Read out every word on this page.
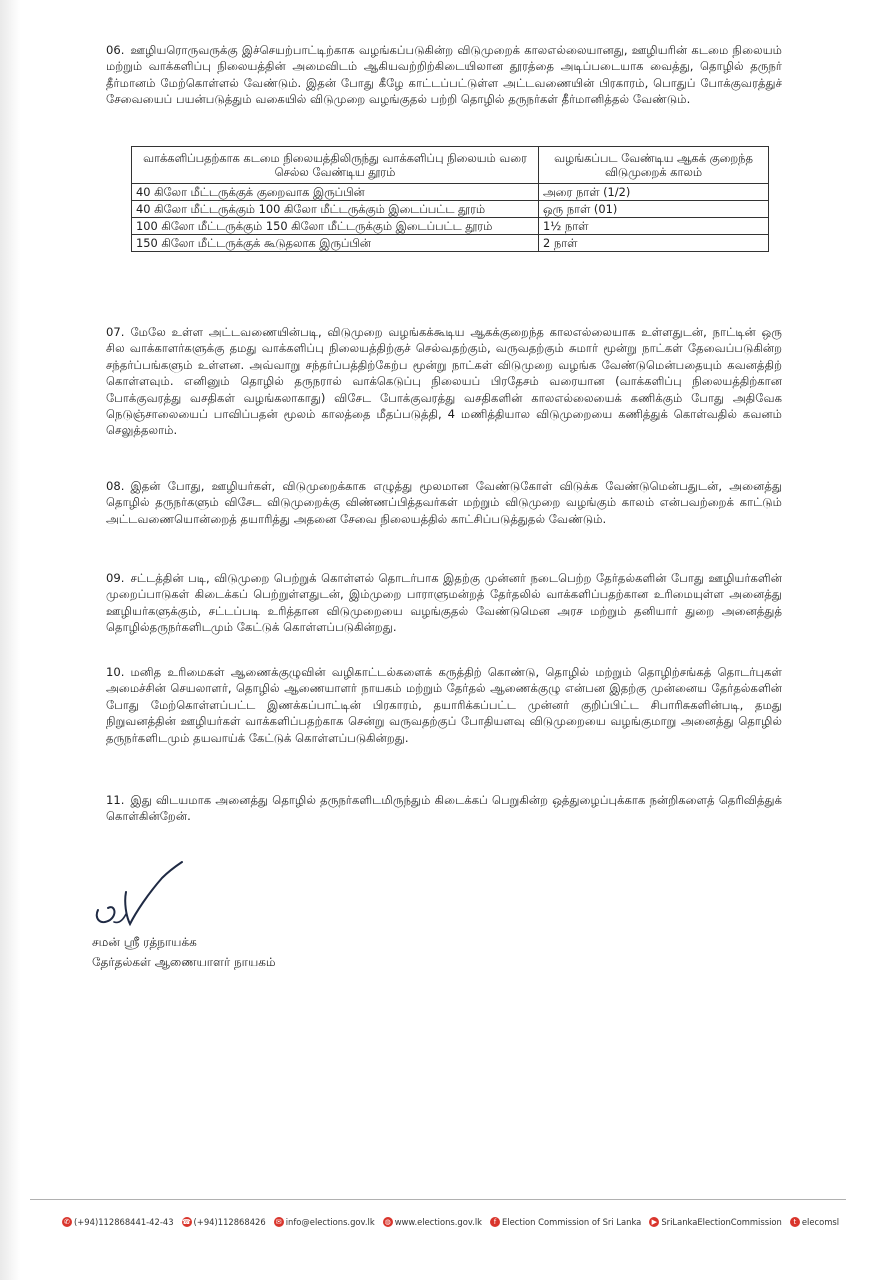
06. ஊழியரொருவருக்கு இச்செயற்பாட்டிற்காக வழங்கப்படுகின்ற விடுமுறைக் காலஎல்லையானது, ஊழியரின் கடமை நிலையம் மற்றும் வாக்களிப்பு நிலையத்தின் அமைவிடம் ஆகியவற்றிற்கிடையிலான தூரத்தை அடிப்படையாக வைத்து, தொழில் தருநர் தீர்மானம் மேற்கொள்ளல் வேண்டும். இதன் போது கீழே காட்டப்பட்டுள்ள அட்டவணையின் பிரகாரம், பொதுப் போக்குவரத்துச் சேவையைப் பயன்படுத்தும் வகையில் விடுமுறை வழங்குதல் பற்றி தொழில் தருநர்கள் தீர்மானித்தல் வேண்டும்.

வாக்களிப்பதற்காக கடமை நிலையத்திலிருந்து வாக்களிப்பு நிலையம் வரை செல்ல வேண்டிய தூரம்	வழங்கப்பட வேண்டிய ஆகக் குறைந்த விடுமுறைக் காலம்
40 கிலோ மீட்டருக்குக் குறைவாக இருப்பின்	அரை நாள் (1/2)
40 கிலோ மீட்டருக்கும் 100 கிலோ மீட்டருக்கும் இடைப்பட்ட தூரம்	ஒரு நாள் (01)
100 கிலோ மீட்டருக்கும் 150 கிலோ மீட்டருக்கும் இடைப்பட்ட தூரம்	1½ நாள்
150 கிலோ மீட்டருக்குக் கூடுதலாக இருப்பின்	2 நாள்

07. மேலே உள்ள அட்டவணையின்படி, விடுமுறை வழங்கக்கூடிய ஆகக்குறைந்த காலஎல்லையாக உள்ளதுடன், நாட்டின் ஒரு சில வாக்காளர்களுக்கு தமது வாக்களிப்பு நிலையத்திற்குச் செல்வதற்கும், வருவதற்கும் சுமார் மூன்று நாட்கள் தேவைப்படுகின்ற சந்தர்ப்பங்களும் உள்ளன. அவ்வாறு சந்தர்ப்பத்திற்கேற்ப மூன்று நாட்கள் விடுமுறை வழங்க வேண்டுமென்பதையும் கவனத்திற் கொள்ளவும். எனினும் தொழில் தருநரால் வாக்கெடுப்பு நிலையப் பிரதேசம் வரையான (வாக்களிப்பு நிலையத்திற்கான போக்குவரத்து வசதிகள் வழங்கலாகாது) விசேட போக்குவரத்து வசதிகளின் காலஎல்லையைக் கணிக்கும் போது அதிவேக நெடுஞ்சாலையைப் பாவிப்பதன் மூலம் காலத்தை மீதப்படுத்தி, 4 மணித்தியால விடுமுறையை கணித்துக் கொள்வதில் கவனம் செலுத்தலாம்.

08. இதன் போது, ஊழியர்கள், விடுமுறைக்காக எழுத்து மூலமான வேண்டுகோள் விடுக்க வேண்டுமென்பதுடன், அனைத்து தொழில் தருநர்களும் விசேட விடுமுறைக்கு விண்ணப்பித்தவர்கள் மற்றும் விடுமுறை வழங்கும் காலம் என்பவற்றைக் காட்டும் அட்டவணையொன்றைத் தயாரித்து அதனை சேவை நிலையத்தில் காட்சிப்படுத்துதல் வேண்டும்.

09. சட்டத்தின் படி, விடுமுறை பெற்றுக் கொள்ளல் தொடர்பாக இதற்கு முன்னர் நடைபெற்ற தேர்தல்களின் போது ஊழியர்களின் முறைப்பாடுகள் கிடைக்கப் பெற்றுள்ளதுடன், இம்முறை பாராளுமன்றத் தேர்தலில் வாக்களிப்பதற்கான உரிமையுள்ள அனைத்து ஊழியர்களுக்கும், சட்டப்படி உரித்தான விடுமுறையை வழங்குதல் வேண்டுமென அரச மற்றும் தனியார் துறை அனைத்துத் தொழில்தருநர்களிடமும் கேட்டுக் கொள்ளப்படுகின்றது.

10. மனித உரிமைகள் ஆணைக்குழுவின் வழிகாட்டல்களைக் கருத்திற் கொண்டு, தொழில் மற்றும் தொழிற்சங்கத் தொடர்புகள் அமைச்சின் செயலாளர், தொழில் ஆணையாளர் நாயகம் மற்றும் தேர்தல் ஆணைக்குழு என்பன இதற்கு முன்னைய தேர்தல்களின் போது மேற்கொள்ளப்பட்ட இணக்கப்பாட்டின் பிரகாரம், தயாரிக்கப்பட்ட முன்னர் குறிப்பிட்ட சிபாரிசுகளின்படி, தமது நிறுவனத்தின் ஊழியர்கள் வாக்களிப்பதற்காக சென்று வருவதற்குப் போதியளவு விடுமுறையை வழங்குமாறு அனைத்து தொழில் தருநர்களிடமும் தயவாய்க் கேட்டுக் கொள்ளப்படுகின்றது.

11. இது விடயமாக அனைத்து தொழில் தருநர்களிடமிருந்தும் கிடைக்கப் பெறுகின்ற ஒத்துழைப்புக்காக நன்றிகளைத் தெரிவித்துக் கொள்கின்றேன்.

சமன் ஸ்ரீ ரத்நாயக்க
தேர்தல்கள் ஆணையாளர் நாயகம்
✆ (+94)112868441-42-43 ☎ (+94)112868426 ✉ info@elections.gov.lk ◍ www.elections.gov.lk	f Election Commission of Sri Lanka	▶ SriLankaElectionCommission	t elecomsl
